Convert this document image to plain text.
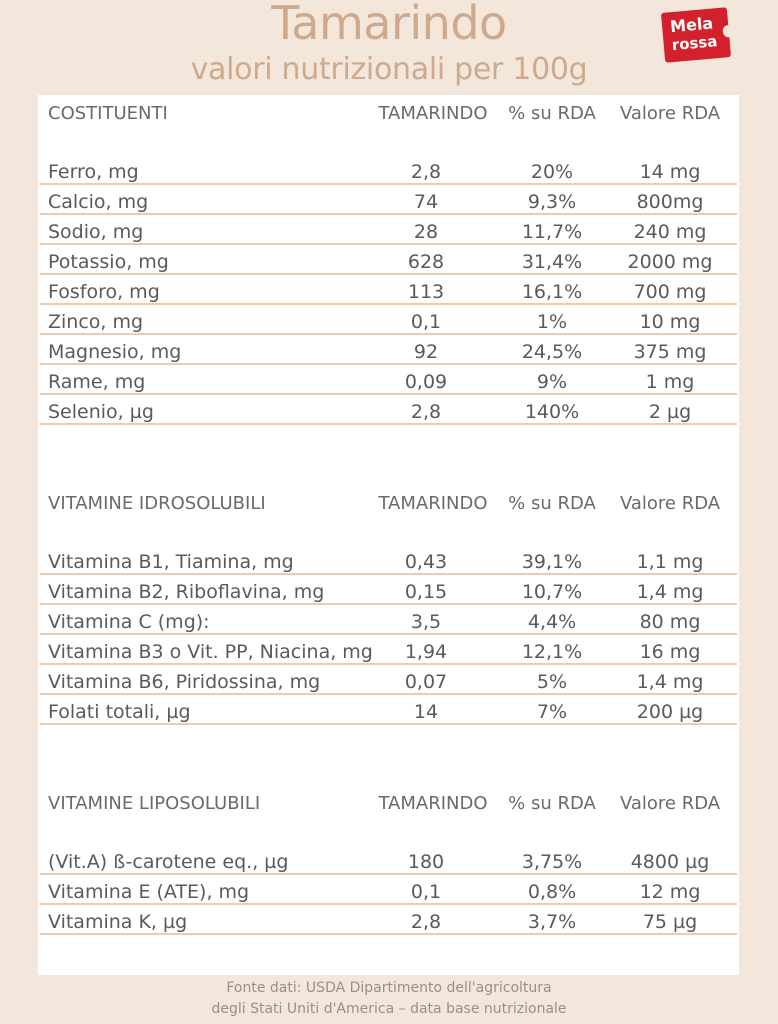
Tamarindo
valori nutrizionali per 100g
Mela
rossa
COSTITUENTI	TAMARINDO	% su RDA	Valore RDA
Ferro, mg	2,8	20%	14 mg
Calcio, mg	74	9,3%	800mg
Sodio, mg	28	11,7%	240 mg
Potassio, mg	628	31,4%	2000 mg
Fosforo, mg	113	16,1%	700 mg
Zinco, mg	0,1	1%	10 mg
Magnesio, mg	92	24,5%	375 mg
Rame, mg	0,09	9%	1 mg
Selenio, µg	2,8	140%	2 µg
VITAMINE IDROSOLUBILI	TAMARINDO	% su RDA	Valore RDA
Vitamina B1, Tiamina, mg	0,43	39,1%	1,1 mg
Vitamina B2, Riboflavina, mg	0,15	10,7%	1,4 mg
Vitamina C (mg):	3,5	4,4%	80 mg
Vitamina B3 o Vit. PP, Niacina, mg	1,94	12,1%	16 mg
Vitamina B6, Piridossina, mg	0,07	5%	1,4 mg
Folati totali, µg	14	7%	200 µg
VITAMINE LIPOSOLUBILI	TAMARINDO	% su RDA	Valore RDA
(Vit.A) ß-carotene eq., µg	180	3,75%	4800 µg
Vitamina E (ATE), mg	0,1	0,8%	12 mg
Vitamina K, µg	2,8	3,7%	75 µg
Fonte dati: USDA Dipartimento dell'agricoltura
degli Stati Uniti d'America – data base nutrizionale
